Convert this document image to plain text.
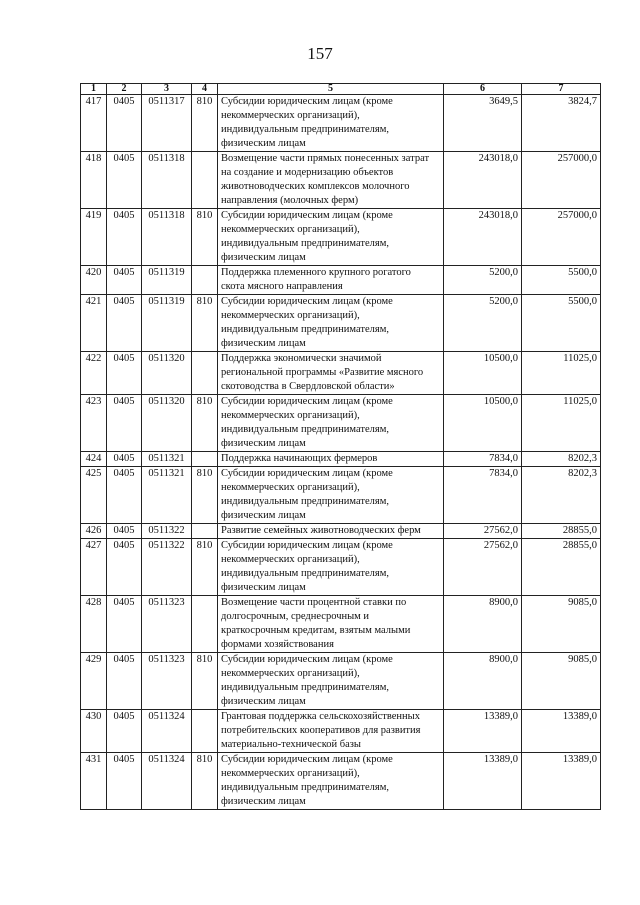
157
1	2	3	4	5	6	7
417	0405	0511317	810	Субсидии юридическим лицам (кроме
некоммерческих организаций),
индивидуальным предпринимателям,
физическим лицам	3649,5	3824,7
418	0405	0511318		Возмещение части прямых понесенных затрат
на создание и модернизацию объектов
животноводческих комплексов молочного
направления (молочных ферм)	243018,0	257000,0
419	0405	0511318	810	Субсидии юридическим лицам (кроме
некоммерческих организаций),
индивидуальным предпринимателям,
физическим лицам	243018,0	257000,0
420	0405	0511319		Поддержка племенного крупного рогатого
скота мясного направления	5200,0	5500,0
421	0405	0511319	810	Субсидии юридическим лицам (кроме
некоммерческих организаций),
индивидуальным предпринимателям,
физическим лицам	5200,0	5500,0
422	0405	0511320		Поддержка экономически значимой
региональной программы «Развитие мясного
скотоводства в Свердловской области»	10500,0	11025,0
423	0405	0511320	810	Субсидии юридическим лицам (кроме
некоммерческих организаций),
индивидуальным предпринимателям,
физическим лицам	10500,0	11025,0
424	0405	0511321		Поддержка начинающих фермеров	7834,0	8202,3
425	0405	0511321	810	Субсидии юридическим лицам (кроме
некоммерческих организаций),
индивидуальным предпринимателям,
физическим лицам	7834,0	8202,3
426	0405	0511322		Развитие семейных животноводческих ферм	27562,0	28855,0
427	0405	0511322	810	Субсидии юридическим лицам (кроме
некоммерческих организаций),
индивидуальным предпринимателям,
физическим лицам	27562,0	28855,0
428	0405	0511323		Возмещение части процентной ставки по
долгосрочным, среднесрочным и
краткосрочным кредитам, взятым малыми
формами хозяйствования	8900,0	9085,0
429	0405	0511323	810	Субсидии юридическим лицам (кроме
некоммерческих организаций),
индивидуальным предпринимателям,
физическим лицам	8900,0	9085,0
430	0405	0511324		Грантовая поддержка сельскохозяйственных
потребительских кооперативов для развития
материально-технической базы	13389,0	13389,0
431	0405	0511324	810	Субсидии юридическим лицам (кроме
некоммерческих организаций),
индивидуальным предпринимателям,
физическим лицам	13389,0	13389,0
